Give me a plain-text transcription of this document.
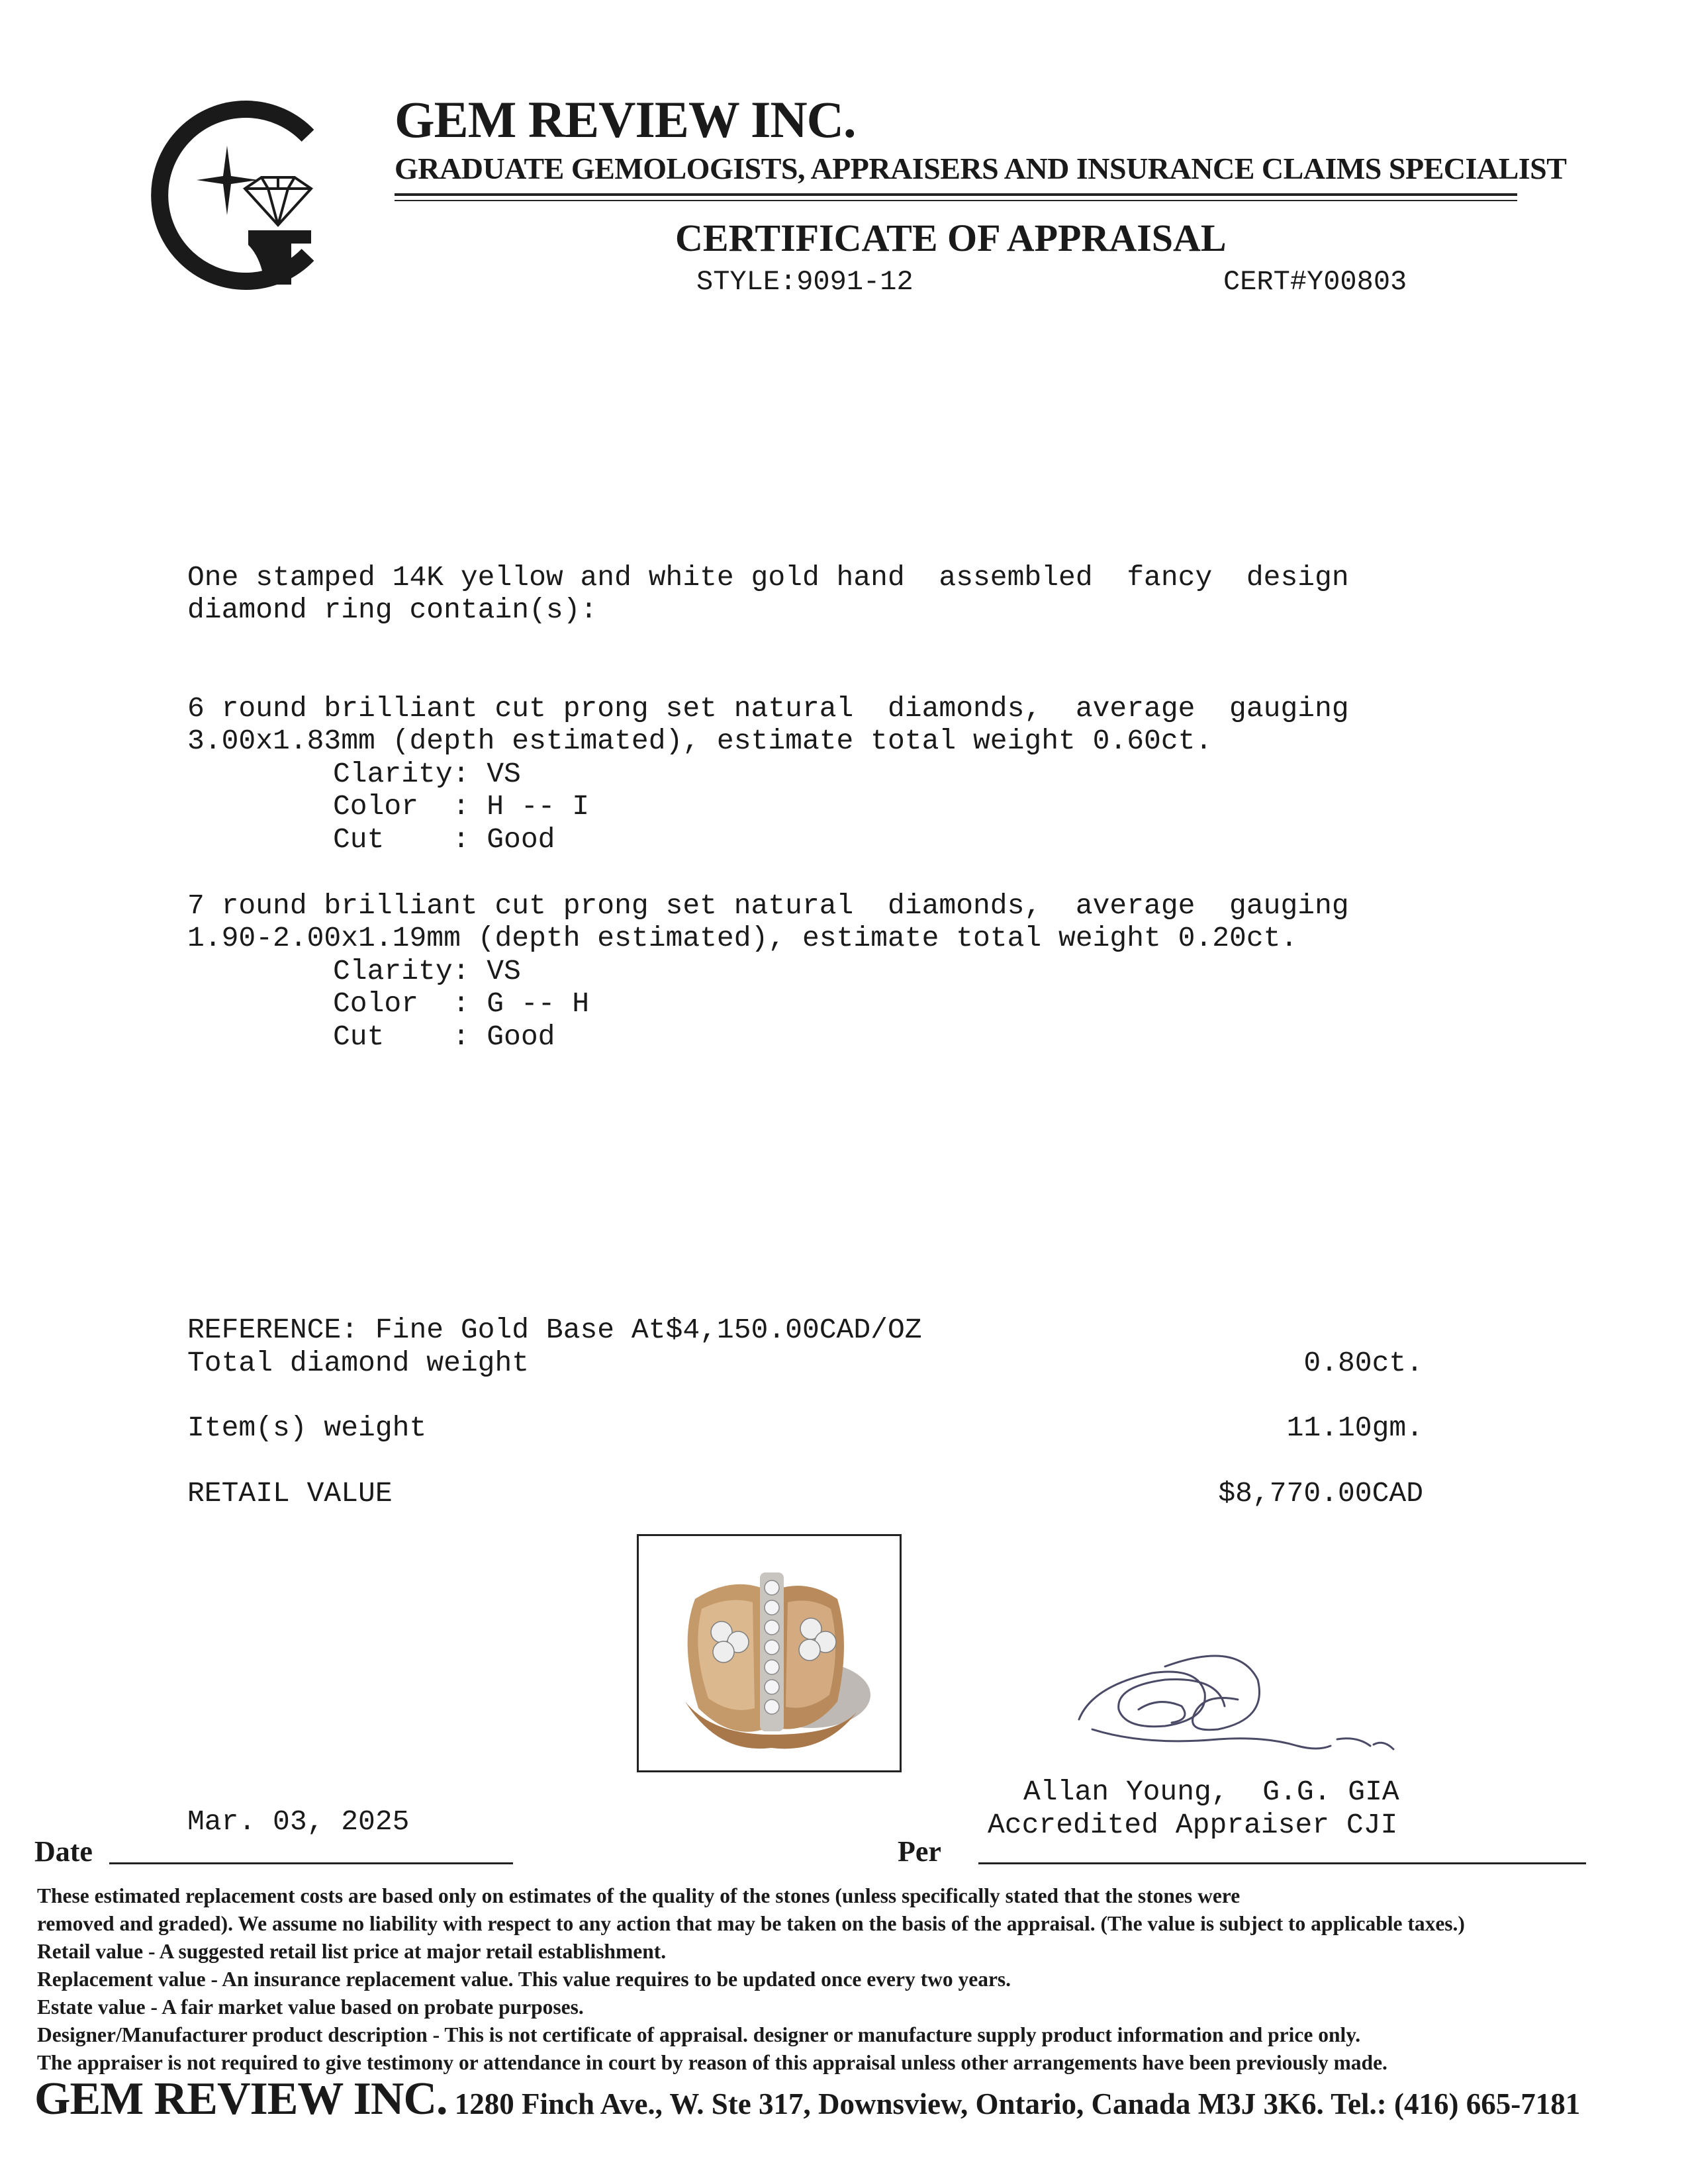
GEM REVIEW INC.
GRADUATE GEMOLOGISTS, APPRAISERS AND INSURANCE CLAIMS SPECIALIST
CERTIFICATE OF APPRAISAL
STYLE:9091-12	CERT#Y00803
One stamped 14K yellow and white gold hand  assembled  fancy  design
diamond ring contain(s):
6 round brilliant cut prong set natural  diamonds,  average  gauging
3.00x1.83mm (depth estimated), estimate total weight 0.60ct.
Clarity: VS
Color  : H -- I
Cut    : Good
7 round brilliant cut prong set natural  diamonds,  average  gauging
1.90-2.00x1.19mm (depth estimated), estimate total weight 0.20ct.
Clarity: VS
Color  : G -- H
Cut    : Good
REFERENCE: Fine Gold Base At$4,150.00CAD/OZ
Total diamond weight	0.80ct.
Item(s) weight	11.10gm.
RETAIL VALUE	$8,770.00CAD
Allan Young,  G.G. GIA
Accredited Appraiser CJI
Mar. 03, 2025
Date	Per
These estimated replacement costs are based only on estimates of the quality of the stones (unless specifically stated that the stones were
removed and graded). We assume no liability with respect to any action that may be taken on the basis of the appraisal. (The value is subject to applicable taxes.)
Retail value - A suggested retail list price at major retail establishment.
Replacement value - An insurance replacement value. This value requires to be updated once every two years.
Estate value - A fair market value based on probate purposes.
Designer/Manufacturer product description - This is not certificate of appraisal. designer or manufacture supply product information and price only.
The appraiser is not required to give testimony or attendance in court by reason of this appraisal unless other arrangements have been previously made.
GEM REVIEW INC. 1280 Finch Ave., W. Ste 317, Downsview, Ontario, Canada M3J 3K6. Tel.: (416) 665-7181
